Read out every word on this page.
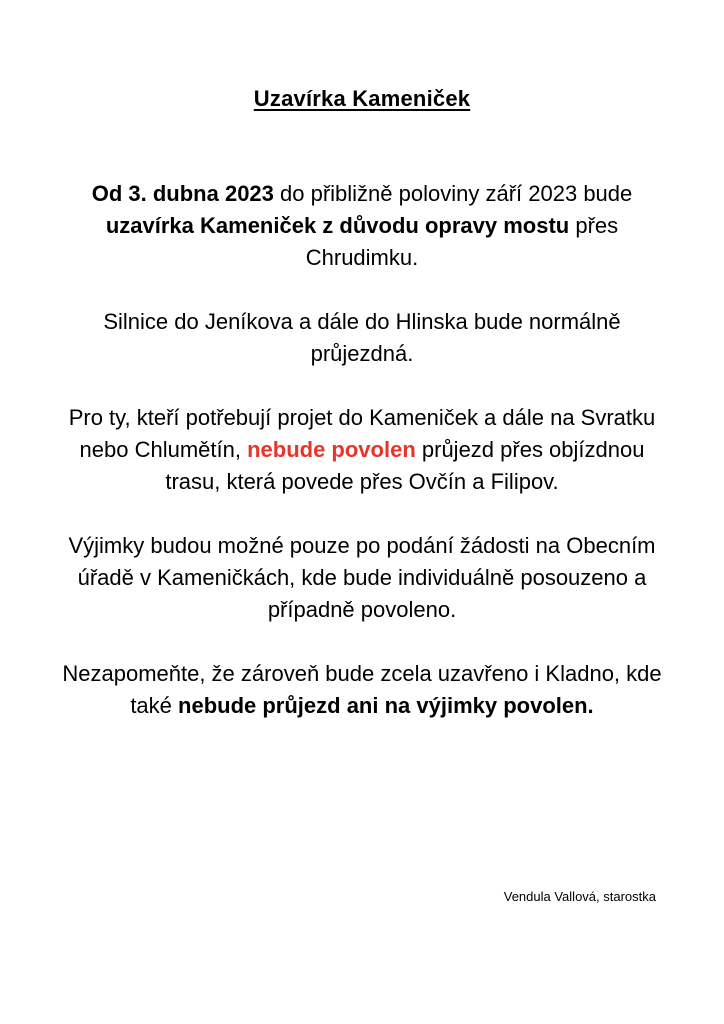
Uzavírka Kameniček

Od 3. dubna 2023 do přibližně poloviny září 2023 bude uzavírka Kameniček z důvodu opravy mostu přes Chrudimku.

Silnice do Jeníkova a dále do Hlinska bude normálně průjezdná.

Pro ty, kteří potřebují projet do Kameniček a dále na Svratku nebo Chlumětín, nebude povolen průjezd přes objízdnou trasu, která povede přes Ovčín a Filipov.

Výjimky budou možné pouze po podání žádosti na Obecním úřadě v Kameničkách, kde bude individuálně posouzeno a případně povoleno.

Nezapomeňte, že zároveň bude zcela uzavřeno i Kladno, kde také nebude průjezd ani na výjimky povolen.

Vendula Vallová, starostka
